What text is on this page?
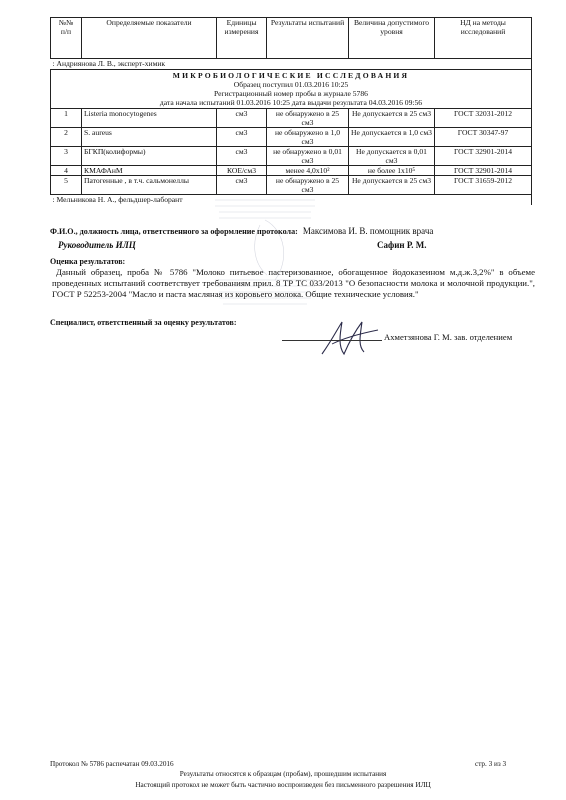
№№
п/п	Определяемые показатели	Единицы измерения	Результаты испытаний	Величина допустимого уровня	НД на методы исследований
: Андриянова Л. В., эксперт-химик					

МИКРОБИОЛОГИЧЕСКИЕ ИССЛЕДОВАНИЯ
Образец поступил 01.03.2016 10:25
Регистрационный номер пробы в журнале 5786
дата начала испытаний 01.03.2016 10:25 дата выдачи результата 04.03.2016 09:56					

1	Listeria monocytogenes	см3	не обнаружено в 25 см3	Не допускается в 25 см3	ГОСТ 32031-2012
2	S. aureus	см3	не обнаружено в 1,0 см3	Не допускается в 1,0 см3	ГОСТ 30347-97
3	БГКП(колиформы)	см3	не обнаружено в 0,01 см3	Не допускается в 0,01 см3	ГОСТ 32901-2014
4	КМАФАнМ	КОЕ/см3	менее 4,0х10²	не более 1х10⁵	ГОСТ 32901-2014
5	Патогенные , в т.ч. сальмонеллы	см3	не обнаружено в 25 см3	Не допускается в 25 см3	ГОСТ 31659-2012
: Мельникова Н. А., фельдшер-лаборант					
Ф.И.О., должность лица, ответственного за оформление протокола: Максимова И. В. помощник врача
Руководитель ИЛЦ	Сафин Р. М.
Оценка результатов:
Данный образец, проба № 5786 "Молоко питьевое пастеризованное, обогащенное йодоказеином м.д.ж.3,2%" в объеме проведенных испытаний соответствует требованиям прил. 8 ТР ТС 033/2013 "О безопасности молока и молочной продукции.", ГОСТ Р 52253-2004 "Масло и паста масляная из коровьего молока. Общие технические условия."
Специалист, ответственный за оценку результатов:
Ахметзянова Г. М. зав. отделением
Протокол № 5786 распечатан 09.03.2016	стр. 3 из 3
Результаты относятся к образцам (пробам), прошедшим испытания
Настоящий протокол не может быть частично воспроизведен без письменного разрешения ИЛЦ
